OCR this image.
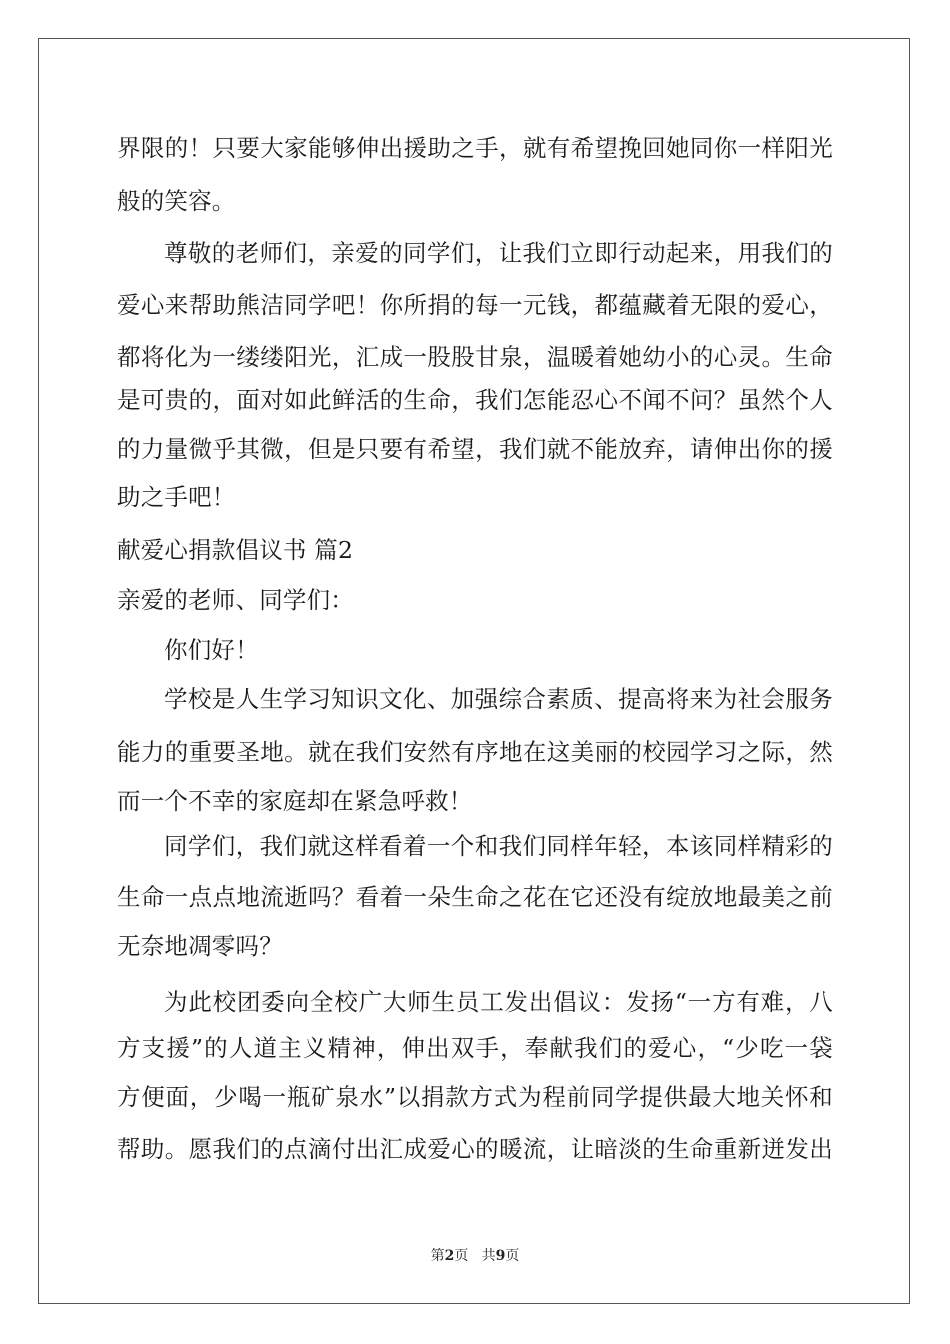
界限的！只要大家能够伸出援助之手，就有希望挽回她同你一样阳光
般的笑容。
尊敬的老师们，亲爱的同学们，让我们立即行动起来，用我们的
爱心来帮助熊洁同学吧！你所捐的每一元钱，都蕴藏着无限的爱心，
都将化为一缕缕阳光，汇成一股股甘泉，温暖着她幼小的心灵。生命
是可贵的，面对如此鲜活的生命，我们怎能忍心不闻不问？虽然个人
的力量微乎其微，但是只要有希望，我们就不能放弃，请伸出你的援
助之手吧！
献爱心捐款倡议书 篇2
亲爱的老师、同学们：
你们好！
学校是人生学习知识文化、加强综合素质、提高将来为社会服务
能力的重要圣地。就在我们安然有序地在这美丽的校园学习之际，然
而一个不幸的家庭却在紧急呼救！
同学们，我们就这样看着一个和我们同样年轻，本该同样精彩的
生命一点点地流逝吗？看着一朵生命之花在它还没有绽放地最美之前
无奈地凋零吗？
为此校团委向全校广大师生员工发出倡议：发扬“一方有难，八
方支援”的人道主义精神，伸出双手，奉献我们的爱心，“少吃一袋
方便面，少喝一瓶矿泉水”以捐款方式为程前同学提供最大地关怀和
帮助。愿我们的点滴付出汇成爱心的暖流，让暗淡的生命重新迸发出
第2页 共9页
